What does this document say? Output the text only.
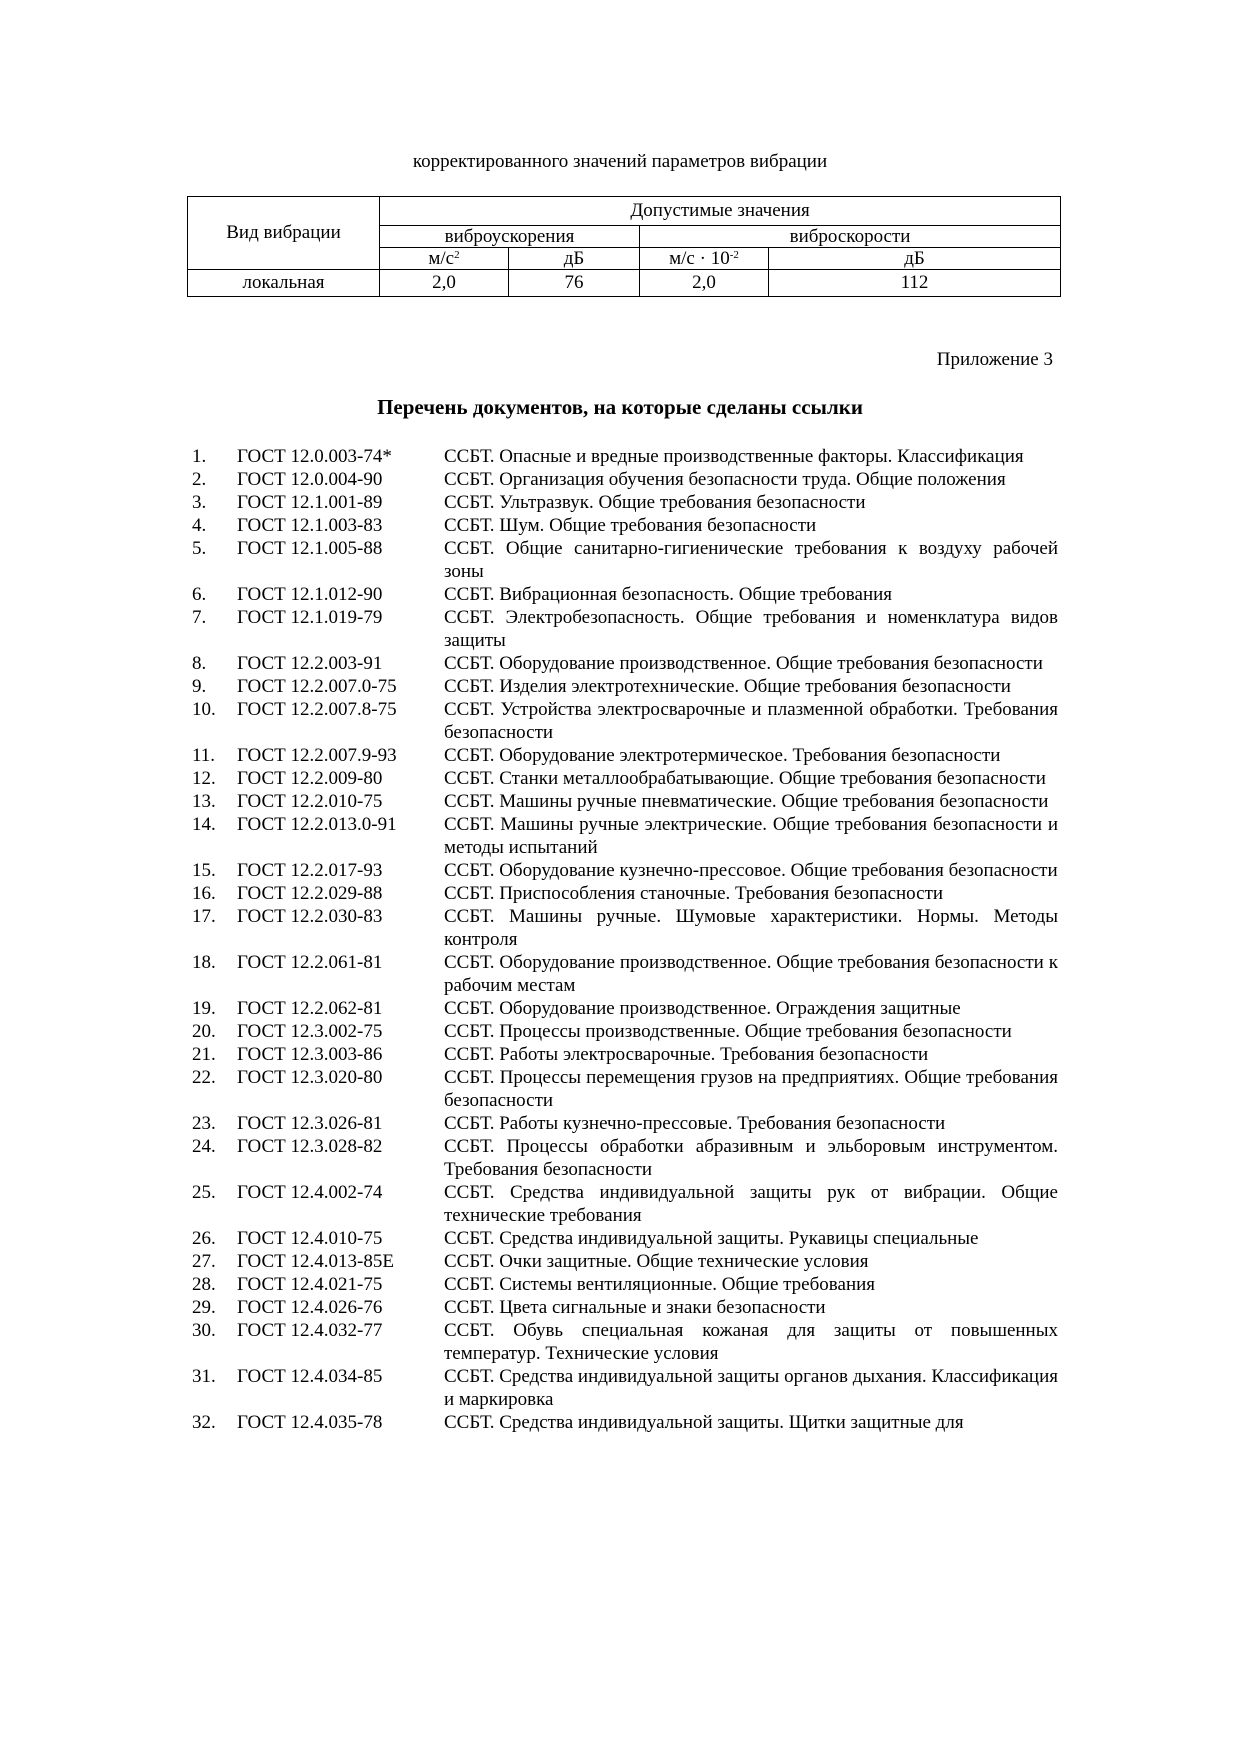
корректированного значений параметров вибрации
Вид вибрации	Допустимые значения			
	виброускорения		виброскорости	
	$м/с^2$	дБ	$м/с \cdot 10^{-2}$	дБ
локальная	2,0	76	2,0	112
Приложение 3
Перечень документов, на которые сделаны ссылки
1.	ГОСТ 12.0.003-74*	ССБТ. Опасные и вредные производственные факторы. Классификация
2.	ГОСТ 12.0.004-90	ССБТ. Организация обучения безопасности труда. Общие положения
3.	ГОСТ 12.1.001-89	ССБТ. Ультразвук. Общие требования безопасности
4.	ГОСТ 12.1.003-83	ССБТ. Шум. Общие требования безопасности
5.	ГОСТ 12.1.005-88	ССБТ. Общие санитарно-гигиенические требования к воздуху рабочей зоны
6.	ГОСТ 12.1.012-90	ССБТ. Вибрационная безопасность. Общие требования
7.	ГОСТ 12.1.019-79	ССБТ. Электробезопасность. Общие требования и номенклатура видов защиты
8.	ГОСТ 12.2.003-91	ССБТ. Оборудование производственное. Общие требования безопасности
9.	ГОСТ 12.2.007.0-75	ССБТ. Изделия электротехнические. Общие требования безопасности
10.	ГОСТ 12.2.007.8-75	ССБТ. Устройства электросварочные и плазменной обработки. Требования безопасности
11.	ГОСТ 12.2.007.9-93	ССБТ. Оборудование электротермическое. Требования безопасности
12.	ГОСТ 12.2.009-80	ССБТ. Станки металлообрабатывающие. Общие требования безопасности
13.	ГОСТ 12.2.010-75	ССБТ. Машины ручные пневматические. Общие требования безопасности
14.	ГОСТ 12.2.013.0-91	ССБТ. Машины ручные электрические. Общие требования безопасности и методы испытаний
15.	ГОСТ 12.2.017-93	ССБТ. Оборудование кузнечно-прессовое. Общие требования безопасности
16.	ГОСТ 12.2.029-88	ССБТ. Приспособления станочные. Требования безопасности
17.	ГОСТ 12.2.030-83	ССБТ. Машины ручные. Шумовые характеристики. Нормы. Методы контроля
18.	ГОСТ 12.2.061-81	ССБТ. Оборудование производственное. Общие требования безопасности к рабочим местам
19.	ГОСТ 12.2.062-81	ССБТ. Оборудование производственное. Ограждения защитные
20.	ГОСТ 12.3.002-75	ССБТ. Процессы производственные. Общие требования безопасности
21.	ГОСТ 12.3.003-86	ССБТ. Работы электросварочные. Требования безопасности
22.	ГОСТ 12.3.020-80	ССБТ. Процессы перемещения грузов на предприятиях. Общие требования безопасности
23.	ГОСТ 12.3.026-81	ССБТ. Работы кузнечно-прессовые. Требования безопасности
24.	ГОСТ 12.3.028-82	ССБТ. Процессы обработки абразивным и эльборовым инструментом. Требования безопасности
25.	ГОСТ 12.4.002-74	ССБТ. Средства индивидуальной защиты рук от вибрации. Общие технические требования
26.	ГОСТ 12.4.010-75	ССБТ. Средства индивидуальной защиты. Рукавицы специальные
27.	ГОСТ 12.4.013-85Е	ССБТ. Очки защитные. Общие технические условия
28.	ГОСТ 12.4.021-75	ССБТ. Системы вентиляционные. Общие требования
29.	ГОСТ 12.4.026-76	ССБТ. Цвета сигнальные и знаки безопасности
30.	ГОСТ 12.4.032-77	ССБТ. Обувь специальная кожаная для защиты от повышенных температур. Технические условия
31.	ГОСТ 12.4.034-85	ССБТ. Средства индивидуальной защиты органов дыхания. Классификация и маркировка
32.	ГОСТ 12.4.035-78	ССБТ. Средства индивидуальной защиты. Щитки защитные для
